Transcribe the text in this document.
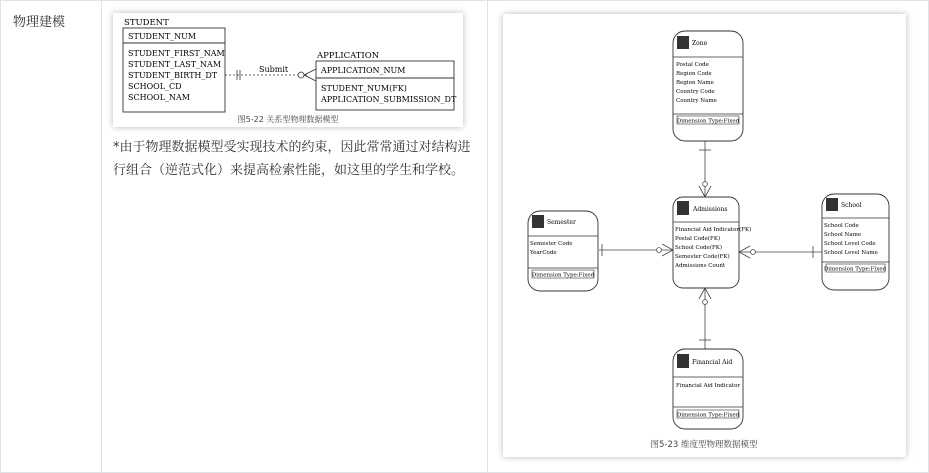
物理建模	STUDENT
STUDENT_NUM
STUDENT_FIRST_NAM
STUDENT_LAST_NAM
STUDENT_BIRTH_DT
SCHOOL_CD
SCHOOL_NAM
Submit
APPLICATION
APPLICATION_NUM
STUDENT_NUM(FK)
APPLICATION_SUBMISSION_DT
图5-22 关系型物理数据模型
*由于物理数据模型受实现技术的约束，因此常常通过对结构进行组合（逆范式化）来提高检索性能，如这里的学生和学校。
Zone
Postal Code
Region Code
Region Name
Country Code
Country Name
Dimension Type:Fixed
Semester
Semester Code
YearCode
Dimension Type:Fixed
Admissions
Financial Aid Indicator(FK)
Postal Code(FK)
School Code(FK)
Semester Code(FK)
Admissions Count
School
School Code
School Name
School Level Code
School Level Name
Dimension Type:Fixed
Financial Aid
Financial Aid Indicator
Dimension Type:Fixed
图5-23 维度型物理数据模型
